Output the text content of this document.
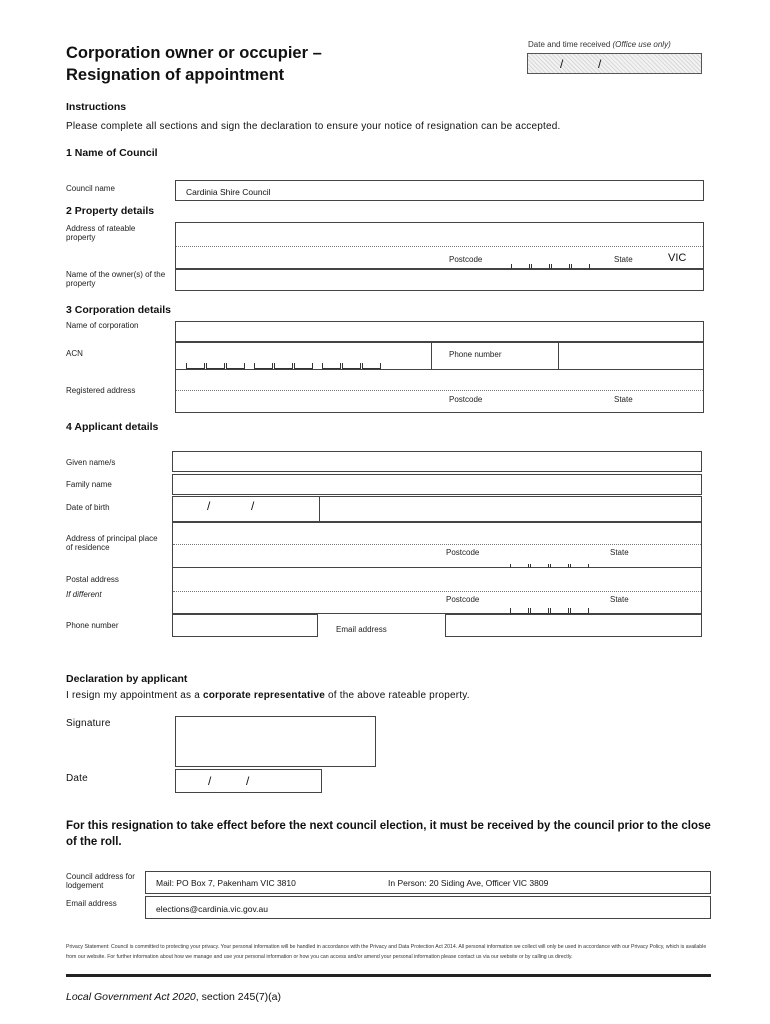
Corporation owner or occupier –
Resignation of appointment
Date and time received (Office use only)
/	/
Instructions
Please complete all sections and sign the declaration to ensure your notice of resignation can be accepted.
1 Name of Council
Council name	Cardinia Shire Council
2 Property details
Address of rateable property
Postcode	State	VIC
Name of the owner(s) of the property
3 Corporation details
Name of corporation
ACN	Phone number
Registered address
Postcode	State
4 Applicant details
Given name/s
Family name
Date of birth	/	/
Address of principal place of residence
Postcode	State
Postal address
If different
Postcode	State
Phone number	Email address
Declaration by applicant
I resign my appointment as a corporate representative of the above rateable property.
Signature
Date	/	/
For this resignation to take effect before the next council election, it must be received by the council prior to the close of the roll.
Council address for lodgement	Mail: PO Box 7, Pakenham VIC 3810	In Person: 20 Siding Ave, Officer VIC 3809
Email address
elections@cardinia.vic.gov.au
Privacy Statement: Council is committed to protecting your privacy. Your personal information will be handled in accordance with the Privacy and Data Protection Act 2014. All personal information we collect will only be used in accordance with our Privacy Policy, which is available from our website. For further information about how we manage and use your personal information or how you can access and/or amend your personal information please contact us via our website or by calling us directly.
Local Government Act 2020, section 245(7)(a)
